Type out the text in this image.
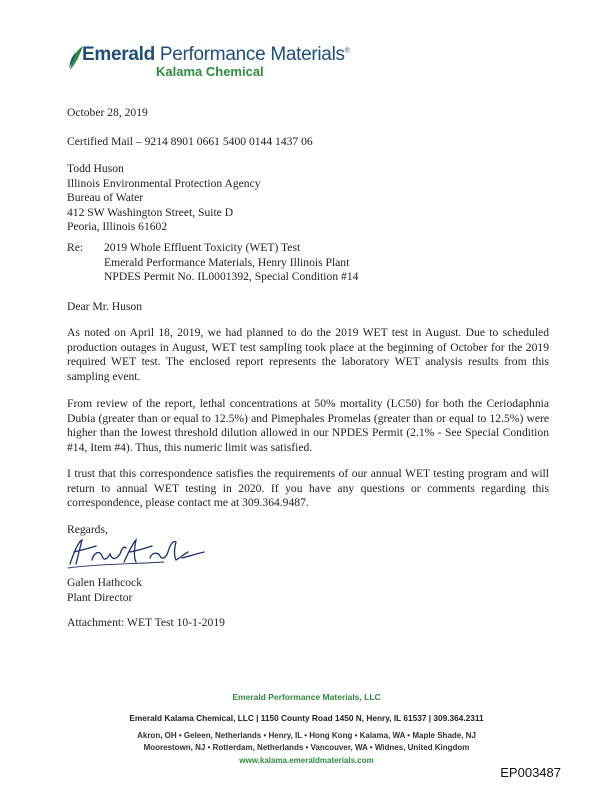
Emerald Performance Materials®
Kalama Chemical
October 28, 2019
Certified Mail – 9214 8901 0661 5400 0144 1437 06
Todd Huson
Illinois Environmental Protection Agency
Bureau of Water
412 SW Washington Street, Suite D
Peoria, Illinois 61602
Re: 2019 Whole Effluent Toxicity (WET) Test
Emerald Performance Materials, Henry Illinois Plant
NPDES Permit No. IL0001392, Special Condition #14
Dear Mr. Huson
As noted on April 18, 2019, we had planned to do the 2019 WET test in August. Due to scheduled production outages in August, WET test sampling took place at the beginning of October for the 2019 required WET test. The enclosed report represents the laboratory WET analysis results from this sampling event.
From review of the report, lethal concentrations at 50% mortality (LC50) for both the Ceriodaphnia Dubia (greater than or equal to 12.5%) and Pimephales Promelas (greater than or equal to 12.5%) were higher than the lowest threshold dilution allowed in our NPDES Permit (2.1% - See Special Condition #14, Item #4). Thus, this numeric limit was satisfied.
I trust that this correspondence satisfies the requirements of our annual WET testing program and will return to annual WET testing in 2020. If you have any questions or comments regarding this correspondence, please contact me at 309.364.9487.
Regards,
Galen Hathcock
Plant Director
Attachment: WET Test 10-1-2019
Emerald Performance Materials, LLC
Emerald Kalama Chemical, LLC | 1150 County Road 1450 N, Henry, IL 61537 | 309.364.2311
Akron, OH • Geleen, Netherlands • Henry, IL • Hong Kong • Kalama, WA • Maple Shade, NJ
Moorestown, NJ • Rotterdam, Netherlands • Vancouver, WA • Widnes, United Kingdom
www.kalama.emeraldmaterials.com
EP003487
